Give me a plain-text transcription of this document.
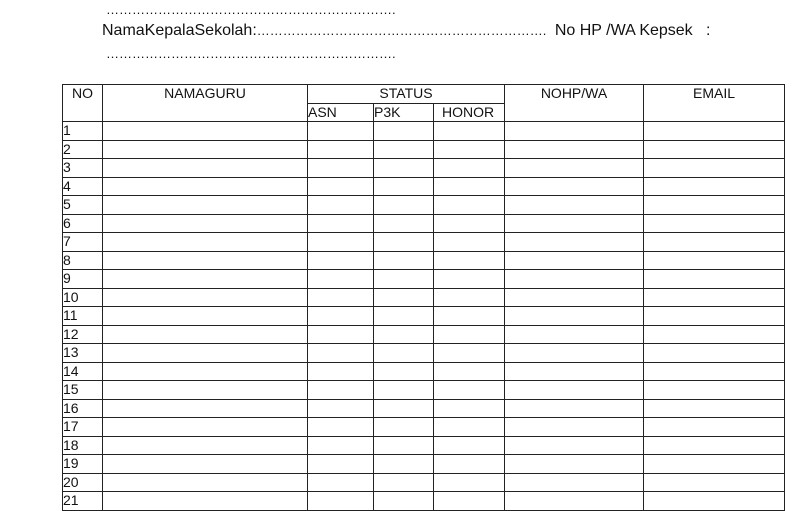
………………………………………………………….
NamaKepalaSekolah:…………………………………………………………. No HP /WA Kepsek :
………………………………………………………….
NO	NAMAGURU	STATUS			NOHP/WA	EMAIL
		ASN	P3K	HONOR		
1						
2						
3						
4						
5						
6						
7						
8						
9						
10						
11						
12						
13						
14						
15						
16						
17						
18						
19						
20						
21						
